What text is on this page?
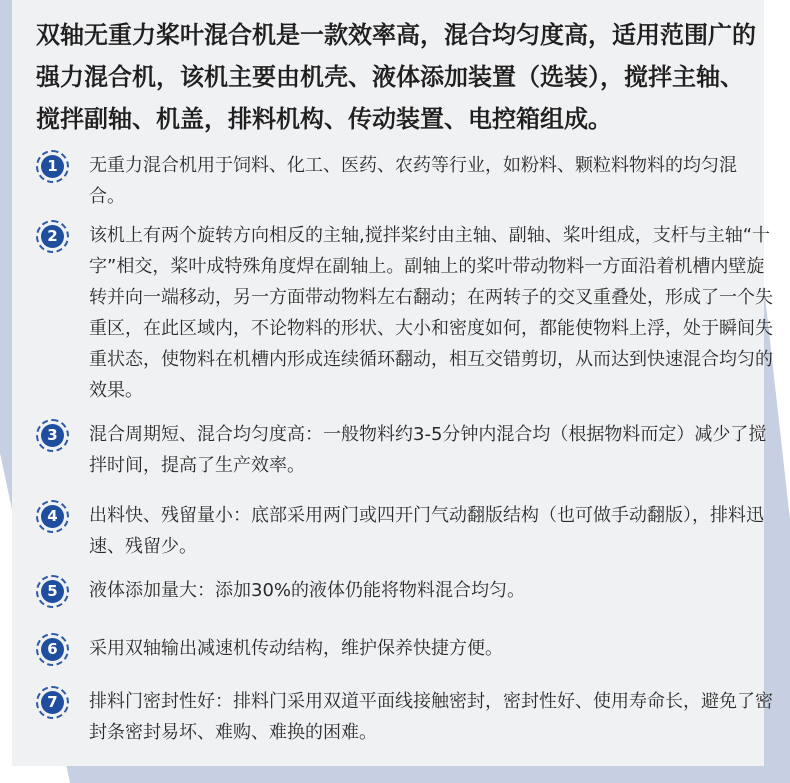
双轴无重力桨叶混合机是一款效率高，混合均匀度高，适用范围广的强力混合机，该机主要由机壳、液体添加装置（选装），搅拌主轴、搅拌副轴、机盖，排料机构、传动装置、电控箱组成。

1	无重力混合机用于饲料、化工、医药、农药等行业，如粉料、颗粒料物料的均匀混合。
2	该机上有两个旋转方向相反的主轴,搅拌桨纣由主轴、副轴、桨叶组成，支杆与主轴“十字”相交，桨叶成特殊角度焊在副轴上。副轴上的桨叶带动物料一方面沿着机槽内壁旋转并向一端移动，另一方面带动物料左右翻动；在两转子的交叉重叠处，形成了一个失重区，在此区域内，不论物料的形状、大小和密度如何，都能使物料上浮，处于瞬间失重状态，使物料在机槽内形成连续循环翻动，相互交错剪切，从而达到快速混合均匀的效果。
3	混合周期短、混合均匀度高：一般物料约3-5分钟内混合均（根据物料而定）减少了搅拌时间，提高了生产效率。
4	出料快、残留量小：底部采用两门或四开门气动翻版结构（也可做手动翻版），排料迅速、残留少。
5	液体添加量大：添加30%的液体仍能将物料混合均匀。
6	采用双轴输出减速机传动结构，维护保养快捷方便。
7	排料门密封性好：排料门采用双道平面线接触密封，密封性好、使用寿命长，避免了密封条密封易坏、难购、难换的困难。
